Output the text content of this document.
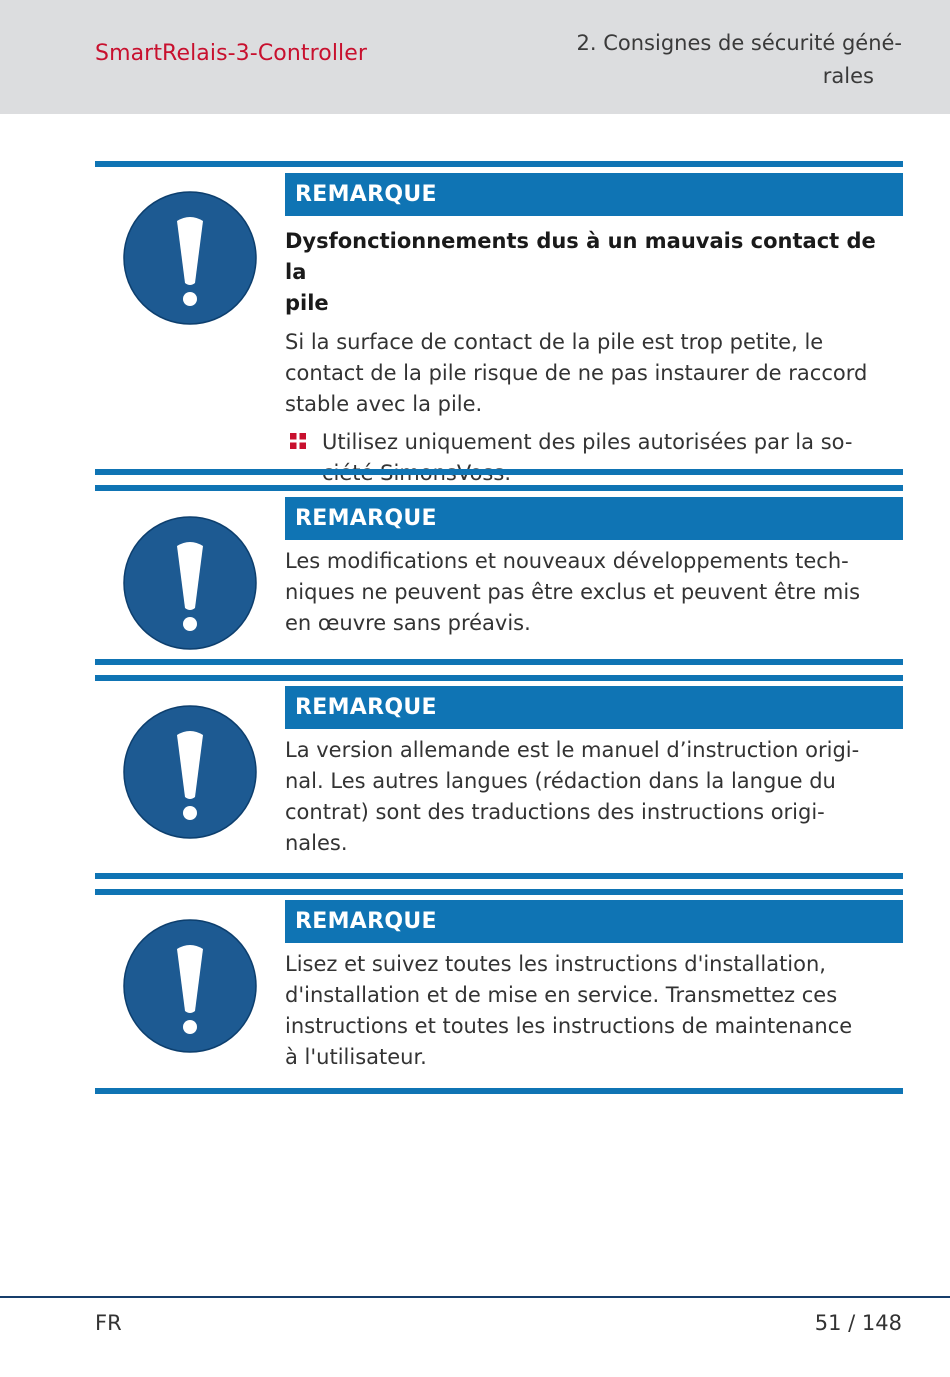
SmartRelais-3-Controller	2. Consignes de sécurité géné-
rales
REMARQUE
Dysfonctionnements dus à un mauvais contact de la
pile
Si la surface de contact de la pile est trop petite, le
contact de la pile risque de ne pas instaurer de raccord
stable avec la pile.
Utilisez uniquement des piles autorisées par la so-
REMARQUE
Les modifications et nouveaux développements tech-
niques ne peuvent pas être exclus et peuvent être mis
en œuvre sans préavis.
REMARQUE
La version allemande est le manuel d’instruction origi-
nal. Les autres langues (rédaction dans la langue du
contrat) sont des traductions des instructions origi-
nales.
REMARQUE
Lisez et suivez toutes les instructions d'installation,
d'installation et de mise en service. Transmettez ces
instructions et toutes les instructions de maintenance
à l'utilisateur.
FR	51 / 148
